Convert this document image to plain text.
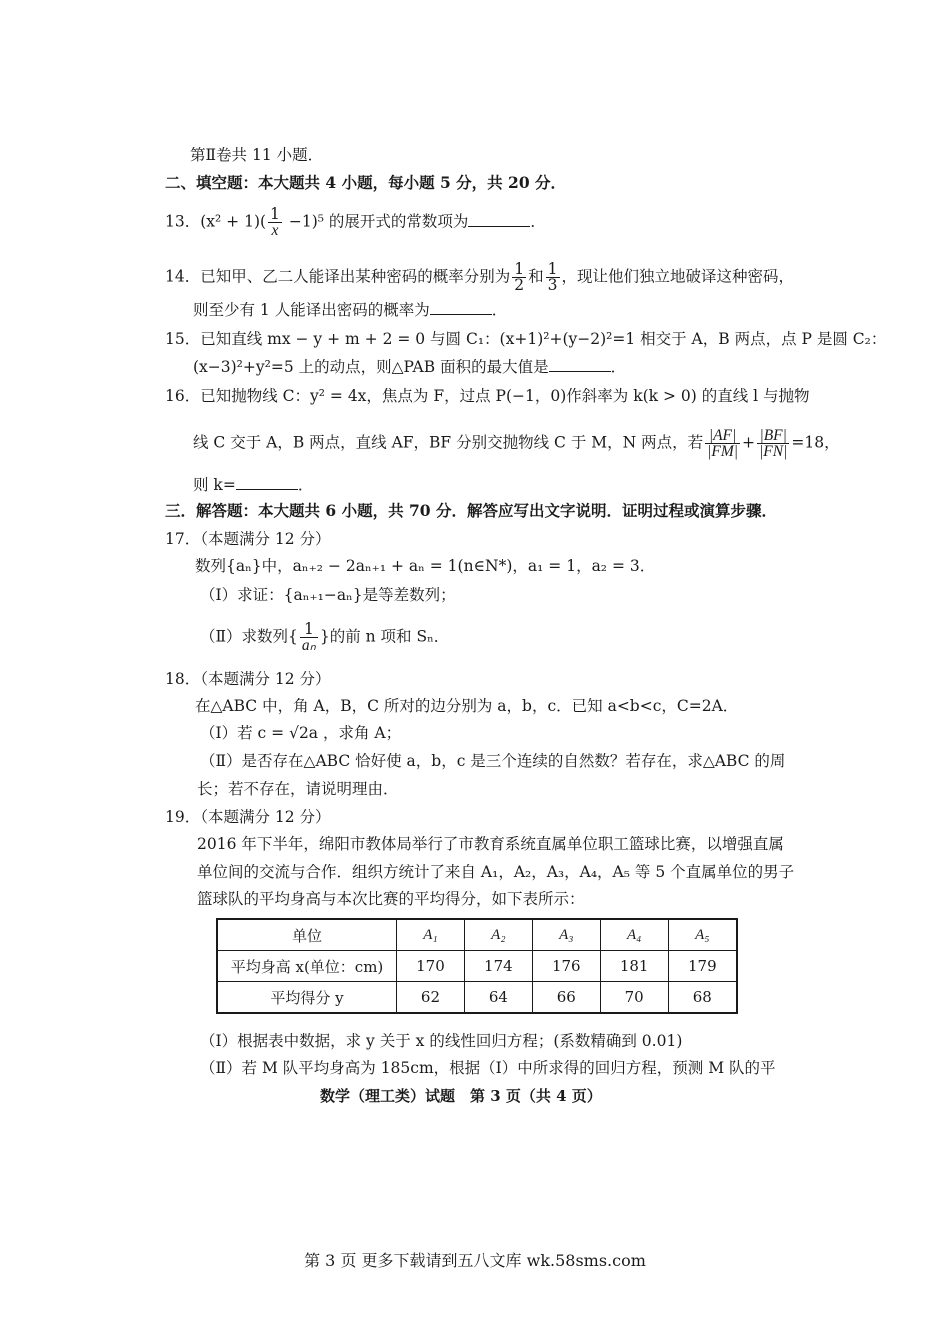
第Ⅱ卷共 11 小题．
二、填空题：本大题共 4 小题，每小题 5 分，共 20 分．
13．$(x^2 + 1)( \frac{1}{x} -1)^5$ 的展开式的常数项为	．
14．已知甲、乙二人能译出某种密码的概率分别为 $\frac{1}{2}$ 和 $\frac{1}{3}$ ，现让他们独立地破译这种密码，
则至少有 1 人能译出密码的概率为	．
15．已知直线 mx − y + m + 2 = 0 与圆 C₁：(x+1)²+(y−2)²=1 相交于 A，B 两点，点 P 是圆 C₂：
(x−3)²+y²=5 上的动点，则△PAB 面积的最大值是	．
16．已知抛物线 C：y² = 4x，焦点为 F，过点 P(−1，0)作斜率为 k(k > 0) 的直线 l 与抛物
线 C 交于 A，B 两点，直线 AF，BF 分别交抛物线 C 于 M，N 两点，若 $\frac{|AF|}{|FM|} + \frac{|BF|}{|FN|} =18$，
则 k=	．
三．解答题：本大题共 6 小题，共 70 分．解答应写出文字说明．证明过程或演算步骤．
17．（本题满分 12 分）
数列{aₙ}中，aₙ₊₂ − 2aₙ₊₁ + aₙ = 1(n∈N*)，a₁ = 1，a₂ = 3．
（Ⅰ）求证：{aₙ₊₁−aₙ}是等差数列；
（Ⅱ）求数列{ $\frac{1}{\text{aₙ}}$ }的前 n 项和 Sₙ．
18．（本题满分 12 分）
在△ABC 中，角 A，B，C 所对的边分别为 a，b，c．已知 a<b<c，C=2A．
（Ⅰ）若 c = √2a ，求角 A；
（Ⅱ）是否存在△ABC 恰好使 a，b，c 是三个连续的自然数？若存在，求△ABC 的周
长；若不存在，请说明理由．
19．（本题满分 12 分）
2016 年下半年，绵阳市教体局举行了市教育系统直属单位职工篮球比赛，以增强直属
单位间的交流与合作．组织方统计了来自 A₁，A₂，A₃，A₄，A₅ 等 5 个直属单位的男子
篮球队的平均身高与本次比赛的平均得分，如下表所示：
单位	A₁	A₂	A₃	A₄	A₅
平均身高 x(单位：cm)	170	174	176	181	179
平均得分 y	62	64	66	70	68
（Ⅰ）根据表中数据，求 y 关于 x 的线性回归方程；(系数精确到 0.01)
（Ⅱ）若 M 队平均身高为 185cm，根据（Ⅰ）中所求得的回归方程，预测 M 队的平
数学（理工类）试题　第 3 页（共 4 页）
第 3 页 更多下载请到五八文库 wk.58sms.com
